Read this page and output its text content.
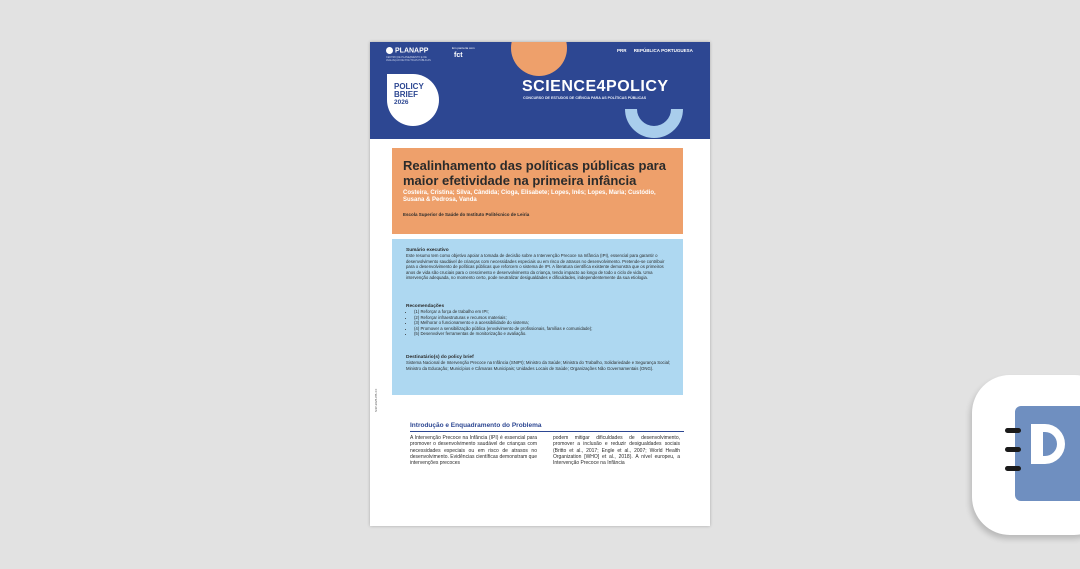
PLANAPP
CENTRO DE PLANEAMENTO E DE AVALIAÇÃO DE POLÍTICAS PÚBLICAS
Em parceria com
fct
PRR REPÚBLICA PORTUGUESA
SCIENCE4POLICY
CONCURSO DE ESTUDOS DE CIÊNCIA PARA AS POLÍTICAS PÚBLICAS
POLICY
BRIEF
2026
S4P-2025-PB-XX
Realinhamento das políticas públicas para maior efetividade na primeira infância
Costeira, Cristina; Silva, Cândida; Cioga, Elisabete; Lopes, Inês; Lopes, Maria; Custódio, Susana & Pedrosa, Vanda
Escola Superior de Saúde do Instituto Politécnico de Leiria
Sumário executivo
Este resumo tem como objetivo apoiar a tomada de decisão sobre a Intervenção Precoce na Infância (IPI), essencial para garantir o desenvolvimento saudável de crianças com necessidades especiais ou em risco de atrasos no desenvolvimento. Pretende-se contribuir para o desenvolvimento de políticas públicas que reforcem o sistema de IPI. A literatura científica existente demonstra que os primeiros anos de vida são cruciais para o crescimento e desenvolvimento da criança, tendo impacto ao longo de todo o ciclo de vida. Uma intervenção adequada, no momento certo, pode neutralizar desigualdades e dificuldades, independentemente da sua etiologia.
Recomendações
• (1) Reforçar a força de trabalho em IPI;
• (2) Reforçar infraestruturas e recursos materiais;
• (3) Melhorar o funcionamento e a acessibilidade do sistema;
• (4) Promover a sensibilização pública (envolvimento de profissionais, famílias e comunidade);
• (5) Desenvolver ferramentas de monitorização e avaliação.
Destinatário(s) do policy brief
Sistema Nacional de Intervenção Precoce na Infância (SNIPI); Ministro da Saúde; Ministra do Trabalho, Solidariedade e Segurança Social; Ministro da Educação; Municípios e Câmaras Municipais; Unidades Locais de Saúde; Organizações Não Governamentais (ONG).
Introdução e Enquadramento do Problema
A Intervenção Precoce na Infância (IPI) é essencial para promover o desenvolvimento saudável de crianças com necessidades especiais ou em risco de atrasos no desenvolvimento. Evidências científicas demonstram que intervenções precoces
podem mitigar dificuldades de desenvolvimento, promover a inclusão e reduzir desigualdades sociais (Britto et al., 2017; Engle et al., 2007; World Health Organization [WHO] et al., 2018). A nível europeu, a Intervenção Precoce na Infância
